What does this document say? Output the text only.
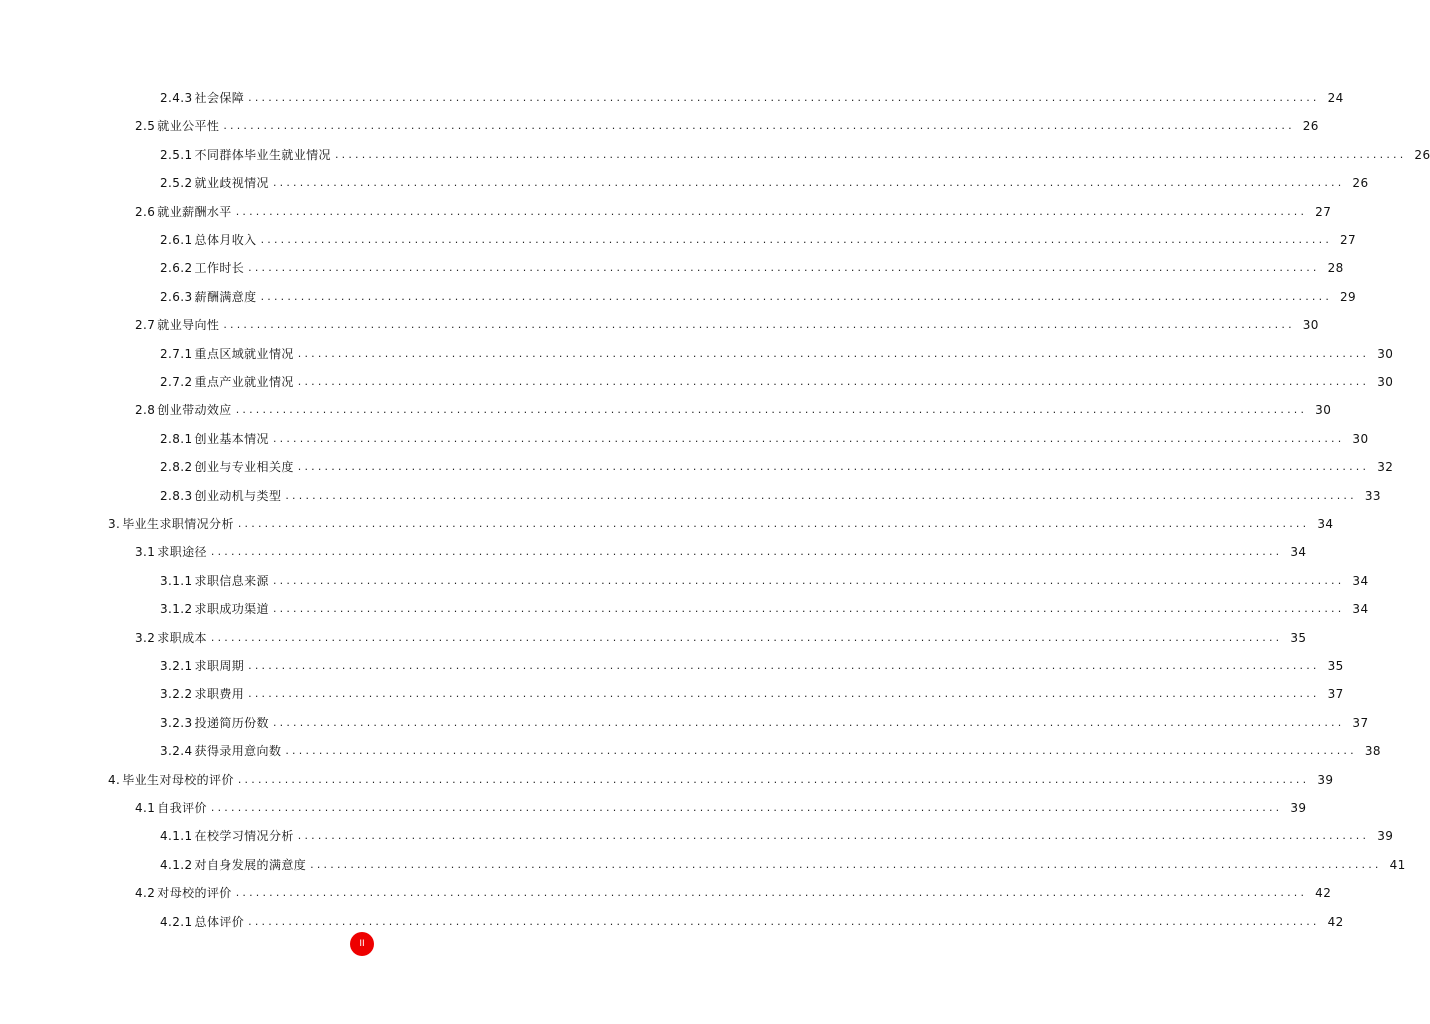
2.4.3 社会保障 ................................................................................................................................................................ 24
2.5 就业公平性 ................................................................................................................................................................ 26
2.5.1 不同群体毕业生就业情况 ................................................................................................................................................................ 26
2.5.2 就业歧视情况 ................................................................................................................................................................ 26
2.6 就业薪酬水平 ................................................................................................................................................................ 27
2.6.1 总体月收入 ................................................................................................................................................................ 27
2.6.2 工作时长 ................................................................................................................................................................ 28
2.6.3 薪酬满意度 ................................................................................................................................................................ 29
2.7 就业导向性 ................................................................................................................................................................ 30
2.7.1 重点区域就业情况 ................................................................................................................................................................ 30
2.7.2 重点产业就业情况 ................................................................................................................................................................ 30
2.8 创业带动效应 ................................................................................................................................................................ 30
2.8.1 创业基本情况 ................................................................................................................................................................ 30
2.8.2 创业与专业相关度 ................................................................................................................................................................ 32
2.8.3 创业动机与类型 ................................................................................................................................................................ 33
3. 毕业生求职情况分析 ................................................................................................................................................................ 34
3.1 求职途径 ................................................................................................................................................................ 34
3.1.1 求职信息来源 ................................................................................................................................................................ 34
3.1.2 求职成功渠道 ................................................................................................................................................................ 34
3.2 求职成本 ................................................................................................................................................................ 35
3.2.1 求职周期 ................................................................................................................................................................ 35
3.2.2 求职费用 ................................................................................................................................................................ 37
3.2.3 投递简历份数 ................................................................................................................................................................ 37
3.2.4 获得录用意向数 ................................................................................................................................................................ 38
4. 毕业生对母校的评价 ................................................................................................................................................................ 39
4.1 自我评价 ................................................................................................................................................................ 39
4.1.1 在校学习情况分析 ................................................................................................................................................................ 39
4.1.2 对自身发展的满意度 ................................................................................................................................................................ 41
4.2 对母校的评价 ................................................................................................................................................................ 42
4.2.1 总体评价 ................................................................................................................................................................ 42
II
